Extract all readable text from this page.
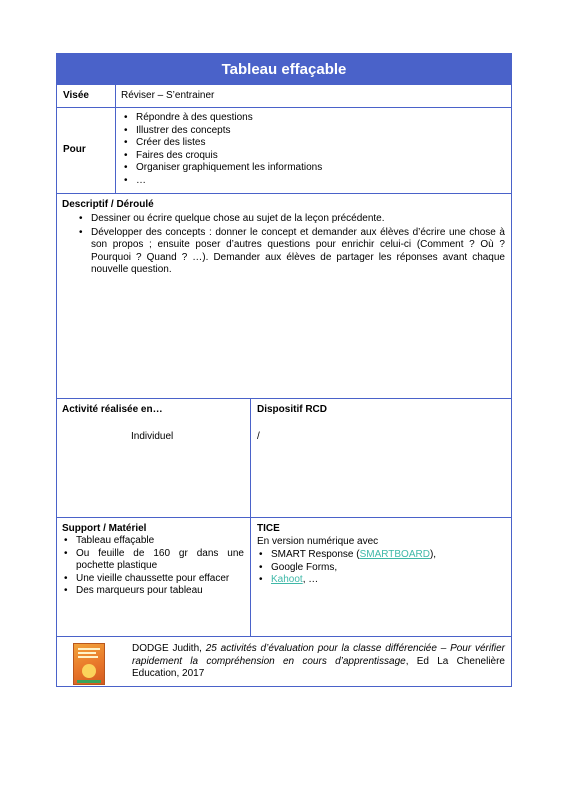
Tableau effaçable
Visée	Réviser – S’entrainer
Pour
• Répondre à des questions
• Illustrer des concepts
• Créer des listes
• Faires des croquis
• Organiser graphiquement les informations
• …
Descriptif / Déroulé
• Dessiner ou écrire quelque chose au sujet de la leçon précédente.
• Développer des concepts : donner le concept et demander aux élèves d’écrire une chose à son propos ; ensuite poser d’autres questions pour enrichir celui-ci (Comment ? Où ? Pourquoi ? Quand ? …). Demander aux élèves de partager les réponses avant chaque nouvelle question.
Activité réalisée en…
Individuel
Dispositif RCD
/
Support / Matériel
• Tableau effaçable
• Ou feuille de 160 gr dans une pochette plastique
• Une vieille chaussette pour effacer
• Des marqueurs pour tableau
TICE
En version numérique avec
• SMART Response (SMARTBOARD),
• Google Forms,
• Kahoot, …
DODGE Judith, 25 activités d’évaluation pour la classe différenciée – Pour vérifier rapidement la compréhension en cours d’apprentissage, Ed La Chenelière Education, 2017
